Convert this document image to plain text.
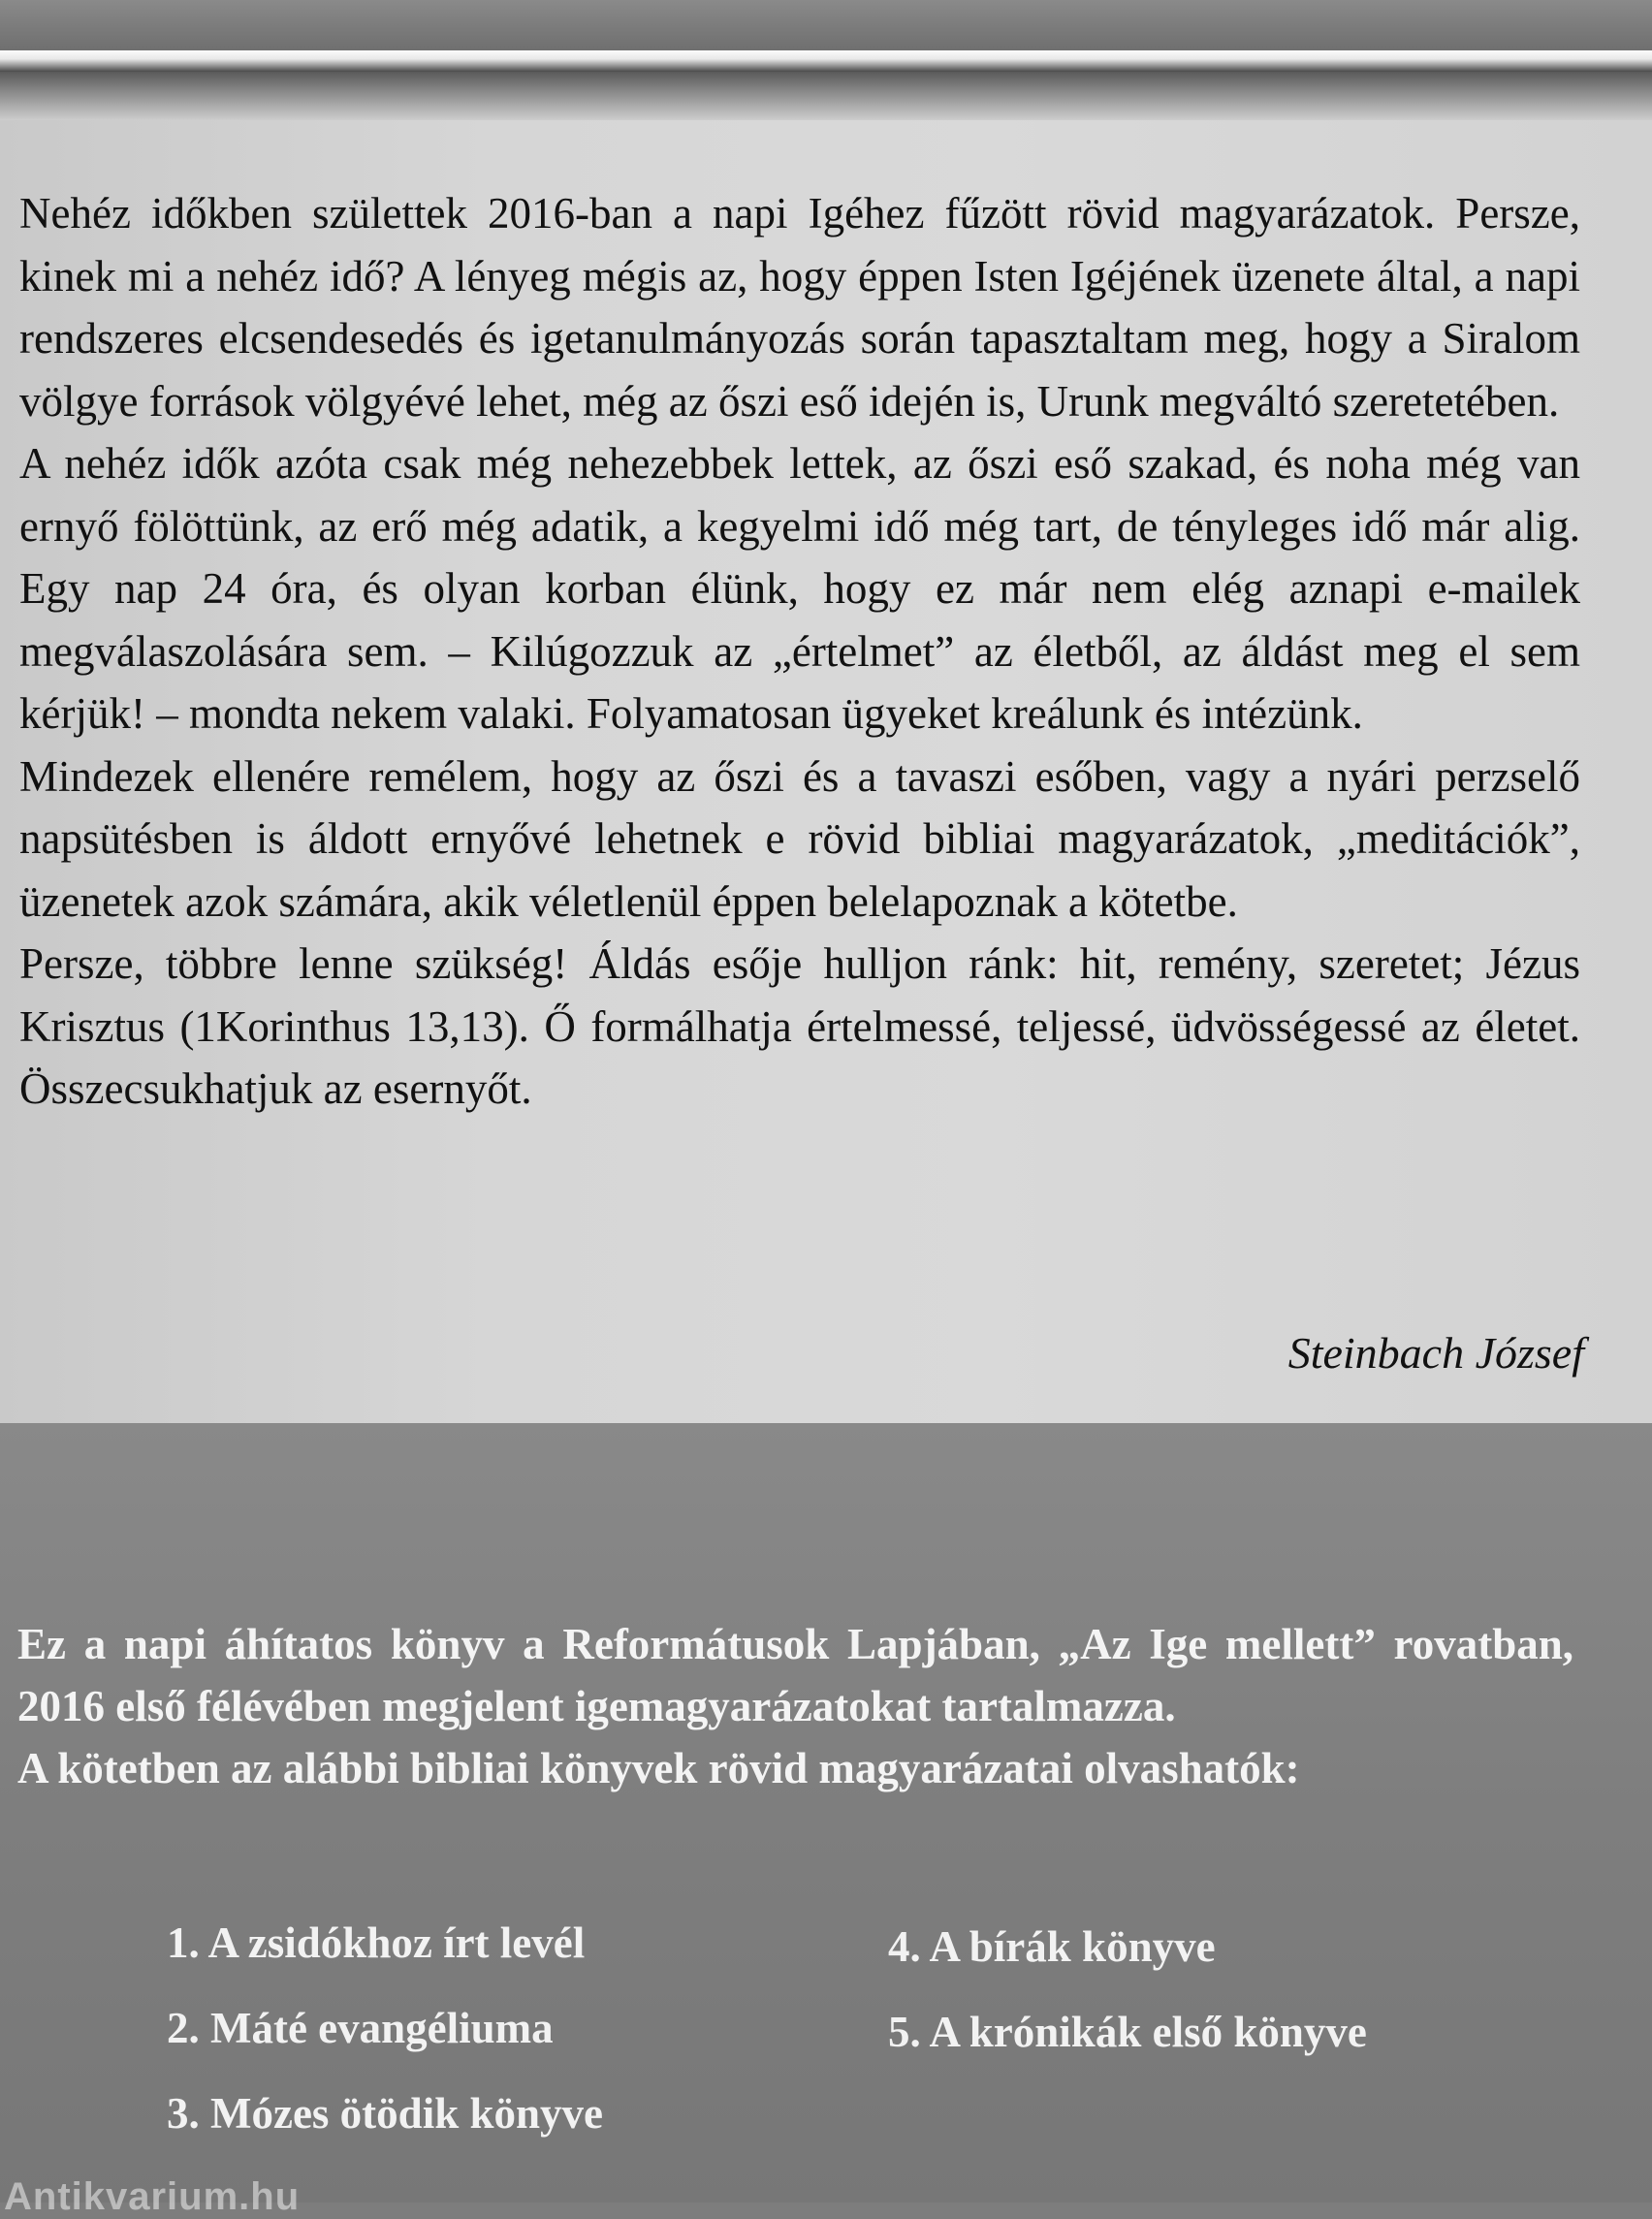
Nehéz időkben születtek 2016-ban a napi Igéhez fűzött rövid magyarázatok. Persze, kinek mi a nehéz idő? A lényeg mégis az, hogy éppen Isten Igéjének üzenete által, a napi rendszeres elcsendesedés és igetanulmányozás során tapasztaltam meg, hogy a Siralom völgye források völgyévé lehet, még az őszi eső idején is, Urunk megváltó szeretetében.

A nehéz idők azóta csak még nehezebbek lettek, az őszi eső szakad, és noha még van ernyő fölöttünk, az erő még adatik, a kegyelmi idő még tart, de tényleges idő már alig. Egy nap 24 óra, és olyan korban élünk, hogy ez már nem elég aznapi e-mailek megválaszolására sem. – Kilúgozzuk az „értelmet” az életből, az áldást meg el sem kérjük! – mondta nekem valaki. Folyamatosan ügyeket kreálunk és intézünk.

Mindezek ellenére remélem, hogy az őszi és a tavaszi esőben, vagy a nyári perzselő napsütésben is áldott ernyővé lehetnek e rövid bibliai magyarázatok, „meditációk”, üzenetek azok számára, akik véletlenül éppen belelapoznak a kötetbe.

Persze, többre lenne szükség! Áldás esője hulljon ránk: hit, remény, szeretet; Jézus Krisztus (1Korinthus 13,13). Ő formálhatja értelmessé, teljessé, üdvösségessé az életet. Összecsukhatjuk az esernyőt.

Steinbach József

Ez a napi áhítatos könyv a Reformátusok Lapjában, „Az Ige mellett” rovatban, 2016 első félévében megjelent igemagyarázatokat tartalmazza.

A kötetben az alábbi bibliai könyvek rövid magyarázatai olvashatók:

1. A zsidókhoz írt levél

2. Máté evangéliuma

3. Mózes ötödik könyve

4. A bírák könyve

5. A krónikák első könyve

Antikvarium.hu
